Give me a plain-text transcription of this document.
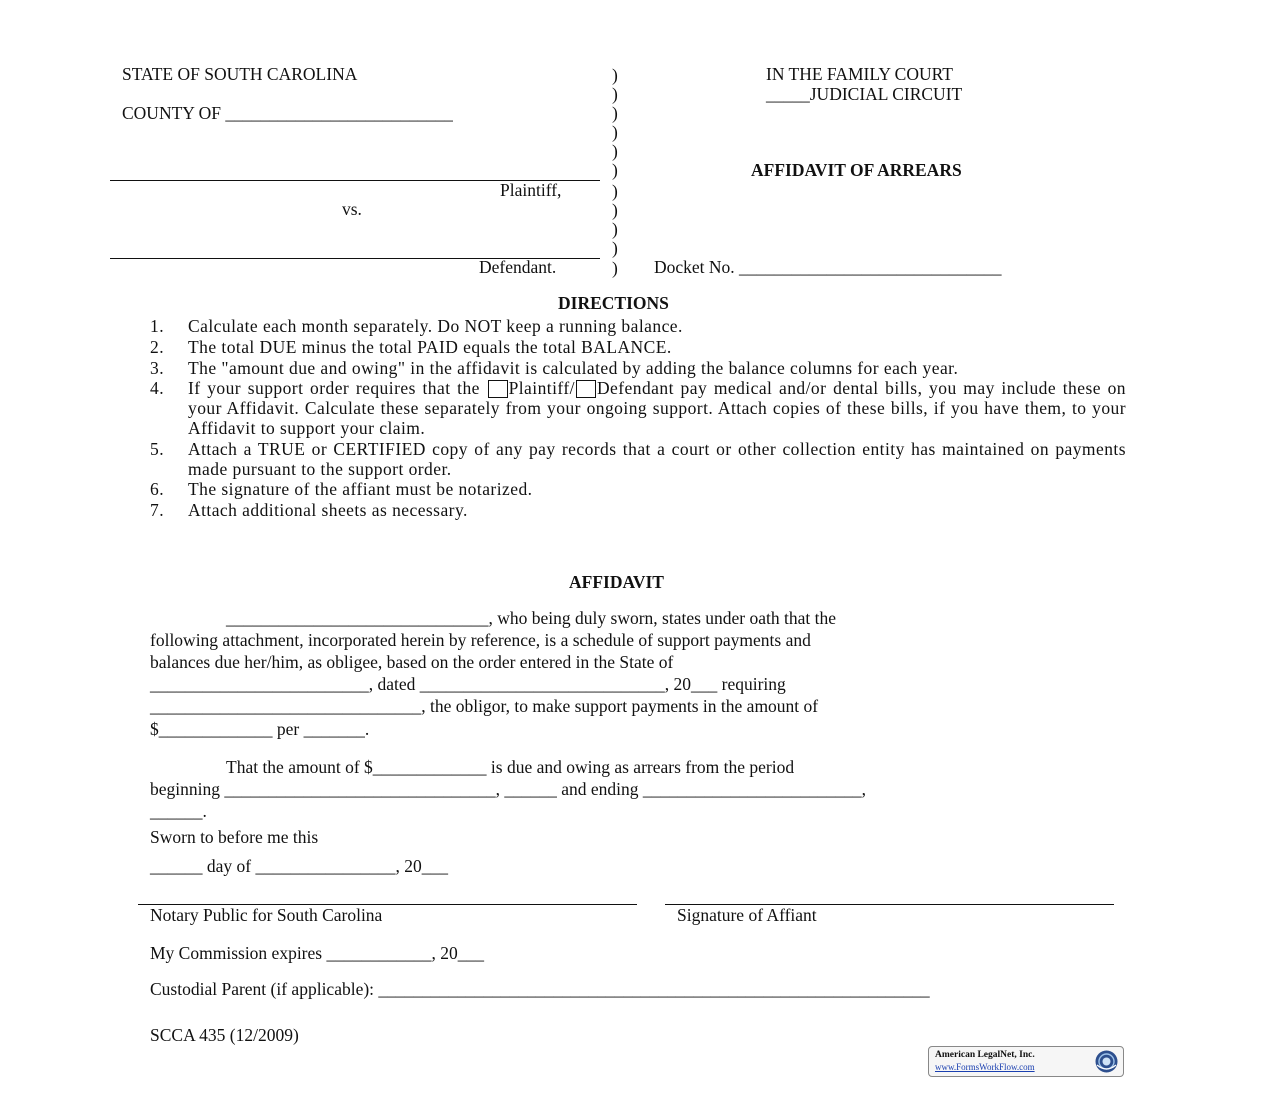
STATE OF SOUTH CAROLINA
COUNTY OF __________________________
Plaintiff,
vs.
Defendant.
)
)
)
)
)
)
)
)
)
)
)
IN THE FAMILY COURT
_____JUDICIAL CIRCUIT
AFFIDAVIT OF ARREARS
Docket No. ______________________________
DIRECTIONS
1. Calculate each month separately. Do NOT keep a running balance.
2. The total DUE minus the total PAID equals the total BALANCE.
3. The "amount due and owing" in the affidavit is calculated by adding the balance columns for each year.
4. If your support order requires that the Plaintiff/ Defendant pay medical and/or dental bills, you may include these on your Affidavit. Calculate these separately from your ongoing support. Attach copies of these bills, if you have them, to your Affidavit to support your claim.
5. Attach a TRUE or CERTIFIED copy of any pay records that a court or other collection entity has maintained on payments made pursuant to the support order.
6. The signature of the affiant must be notarized.
7. Attach additional sheets as necessary.
AFFIDAVIT
______________________________, who being duly sworn, states under oath that the
following attachment, incorporated herein by reference, is a schedule of support payments and
balances due her/him, as obligee, based on the order entered in the State of
_________________________, dated ____________________________, 20___ requiring
_______________________________, the obligor, to make support payments in the amount of
$_____________ per _______.
That the amount of $_____________ is due and owing as arrears from the period
beginning _______________________________, ______ and ending _________________________,
______.
Sworn to before me this
______ day of ________________, 20___
Notary Public for South Carolina	Signature of Affiant
My Commission expires ____________, 20___
Custodial Parent (if applicable): _______________________________________________________________
SCCA 435 (12/2009)
American LegalNet, Inc.
www.FormsWorkFlow.com
